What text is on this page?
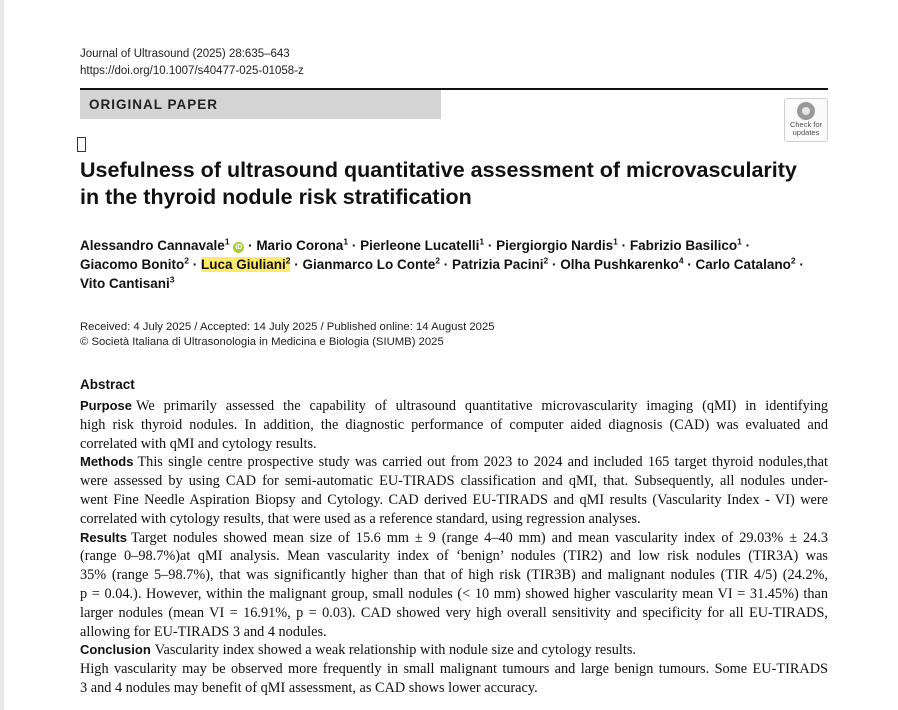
Journal of Ultrasound (2025) 28:635–643
https://doi.org/10.1007/s40477-025-01058-z
ORIGINAL PAPER
Check for
updates
Usefulness of ultrasound quantitative assessment of microvascularity
in the thyroid nodule risk stratification
Alessandro Cannavale$^1$ iD · Mario Corona$^1$ · Pierleone Lucatelli$^1$ · Piergiorgio Nardis$^1$ · Fabrizio Basilico$^1$ ·
Giacomo Bonito$^2$ · Luca Giuliani$^2$ · Gianmarco Lo Conte$^2$ · Patrizia Pacini$^2$ · Olha Pushkarenko$^4$ · Carlo Catalano$^2$ ·
Vito Cantisani$^3$
Received: 4 July 2025 / Accepted: 14 July 2025 / Published online: 14 August 2025
© Società Italiana di Ultrasonologia in Medicina e Biologia (SIUMB) 2025
Abstract
Purpose We primarily assessed the capability of ultrasound quantitative microvascularity imaging (qMI) in identifying
high risk thyroid nodules. In addition, the diagnostic performance of computer aided diagnosis (CAD) was evaluated and
correlated with qMI and cytology results.
Methods This single centre prospective study was carried out from 2023 to 2024 and included 165 target thyroid nodules,that
were assessed by using CAD for semi-automatic EU-TIRADS classification and qMI, that. Subsequently, all nodules under-
went Fine Needle Aspiration Biopsy and Cytology. CAD derived EU-TIRADS and qMI results (Vascularity Index - VI) were
correlated with cytology results, that were used as a reference standard, using regression analyses.
Results Target nodules showed mean size of 15.6 mm ± 9 (range 4–40 mm) and mean vascularity index of 29.03% ± 24.3
(range 0–98.7%)at qMI analysis. Mean vascularity index of ‘benign’ nodules (TIR2) and low risk nodules (TIR3A) was
35% (range 5–98.7%), that was significantly higher than that of high risk (TIR3B) and malignant nodules (TIR 4/5) (24.2%,
p = 0.04.). However, within the malignant group, small nodules (< 10 mm) showed higher vascularity mean VI = 31.45%) than
larger nodules (mean VI = 16.91%, p = 0.03). CAD showed very high overall sensitivity and specificity for all EU-TIRADS,
allowing for EU-TIRADS 3 and 4 nodules.
Conclusion Vascularity index showed a weak relationship with nodule size and cytology results.
High vascularity may be observed more frequently in small malignant tumours and large benign tumours. Some EU-TIRADS
3 and 4 nodules may benefit of qMI assessment, as CAD shows lower accuracy.
